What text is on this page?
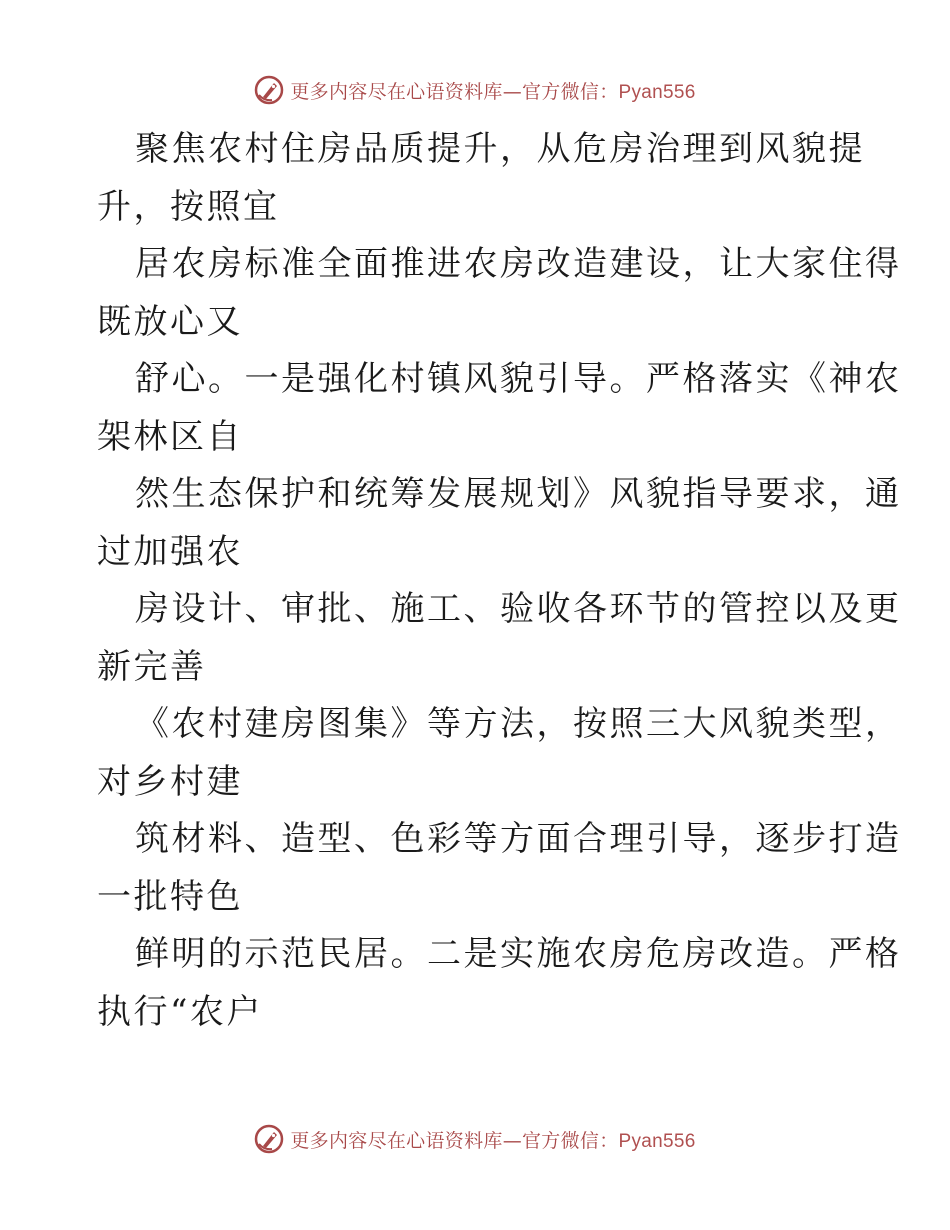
更多内容尽在心语资料库—官方微信：Pyan556
聚焦农村住房品质提升，从危房治理到风貌提
升，按照宜
居农房标准全面推进农房改造建设，让大家住得
既放心又
舒心。一是强化村镇风貌引导。严格落实《神农
架林区自
然生态保护和统筹发展规划》风貌指导要求，通
过加强农
房设计、审批、施工、验收各环节的管控以及更
新完善
《农村建房图集》等方法，按照三大风貌类型，
对乡村建
筑材料、造型、色彩等方面合理引导，逐步打造
一批特色
鲜明的示范民居。二是实施农房危房改造。严格
执行“农户
更多内容尽在心语资料库—官方微信：Pyan556
